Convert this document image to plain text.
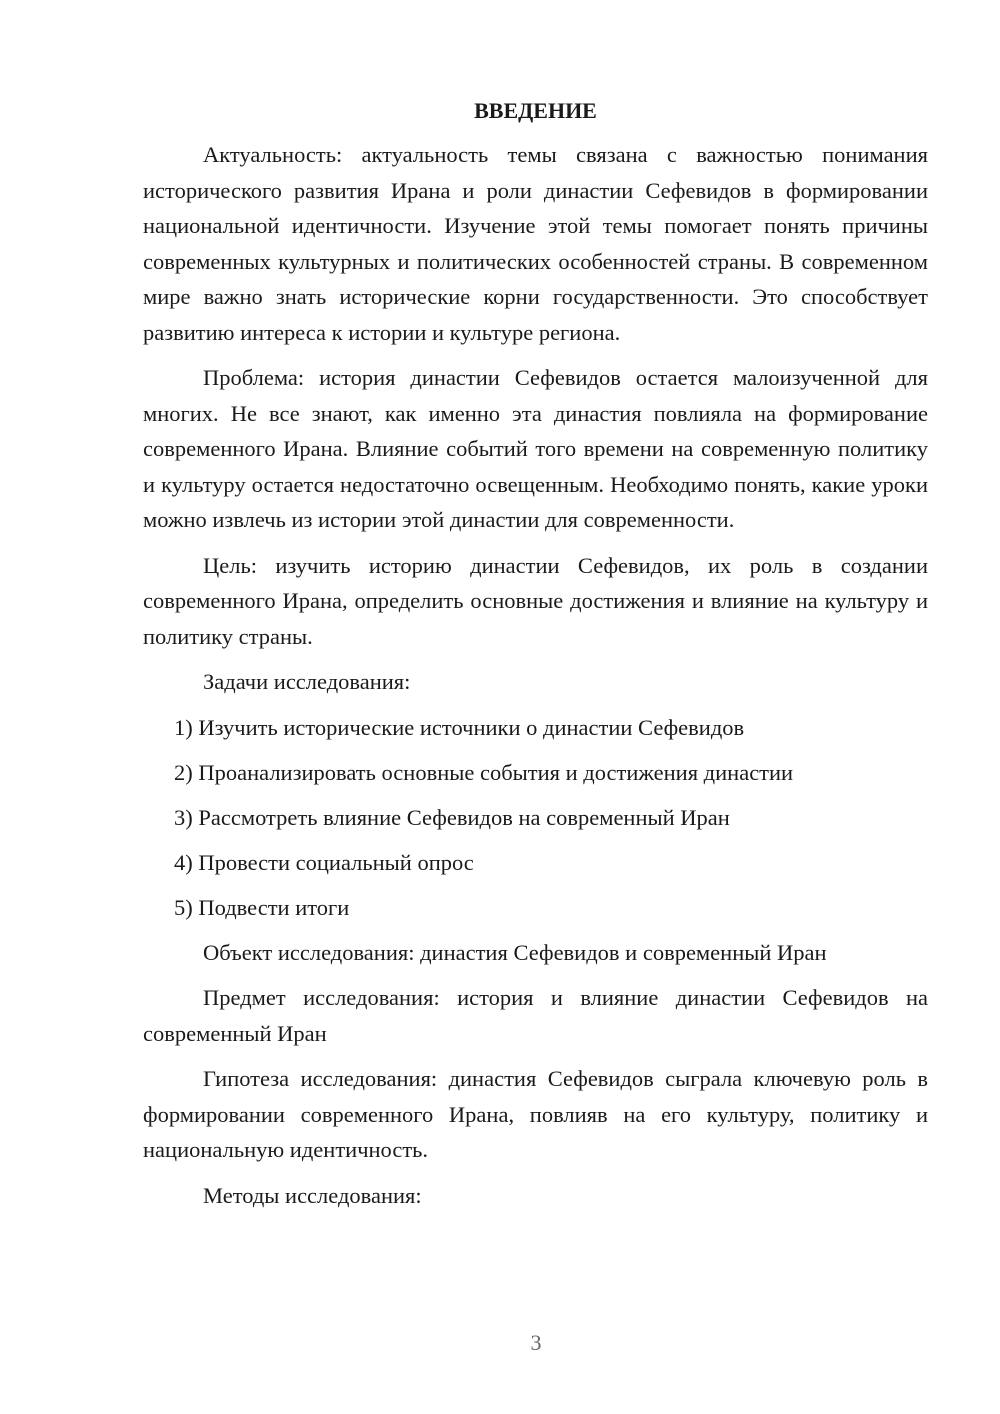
ВВЕДЕНИЕ

Актуальность: актуальность темы связана с важностью понимания исторического развития Ирана и роли династии Сефевидов в формировании национальной идентичности. Изучение этой темы помогает понять причины современных культурных и политических особенностей страны. В современном мире важно знать исторические корни государственности. Это способствует развитию интереса к истории и культуре региона.

Проблема: история династии Сефевидов остается малоизученной для многих. Не все знают, как именно эта династия повлияла на формирование современного Ирана. Влияние событий того времени на современную политику и культуру остается недостаточно освещенным. Необходимо понять, какие уроки можно извлечь из истории этой династии для современности.

Цель: изучить историю династии Сефевидов, их роль в создании современного Ирана, определить основные достижения и влияние на культуру и политику страны.

Задачи исследования:

1) Изучить исторические источники о династии Сефевидов
2) Проанализировать основные события и достижения династии
3) Рассмотреть влияние Сефевидов на современный Иран
4) Провести социальный опрос
5) Подвести итоги

Объект исследования: династия Сефевидов и современный Иран

Предмет исследования: история и влияние династии Сефевидов на современный Иран

Гипотеза исследования: династия Сефевидов сыграла ключевую роль в формировании современного Ирана, повлияв на его культуру, политику и национальную идентичность.

Методы исследования:

3
